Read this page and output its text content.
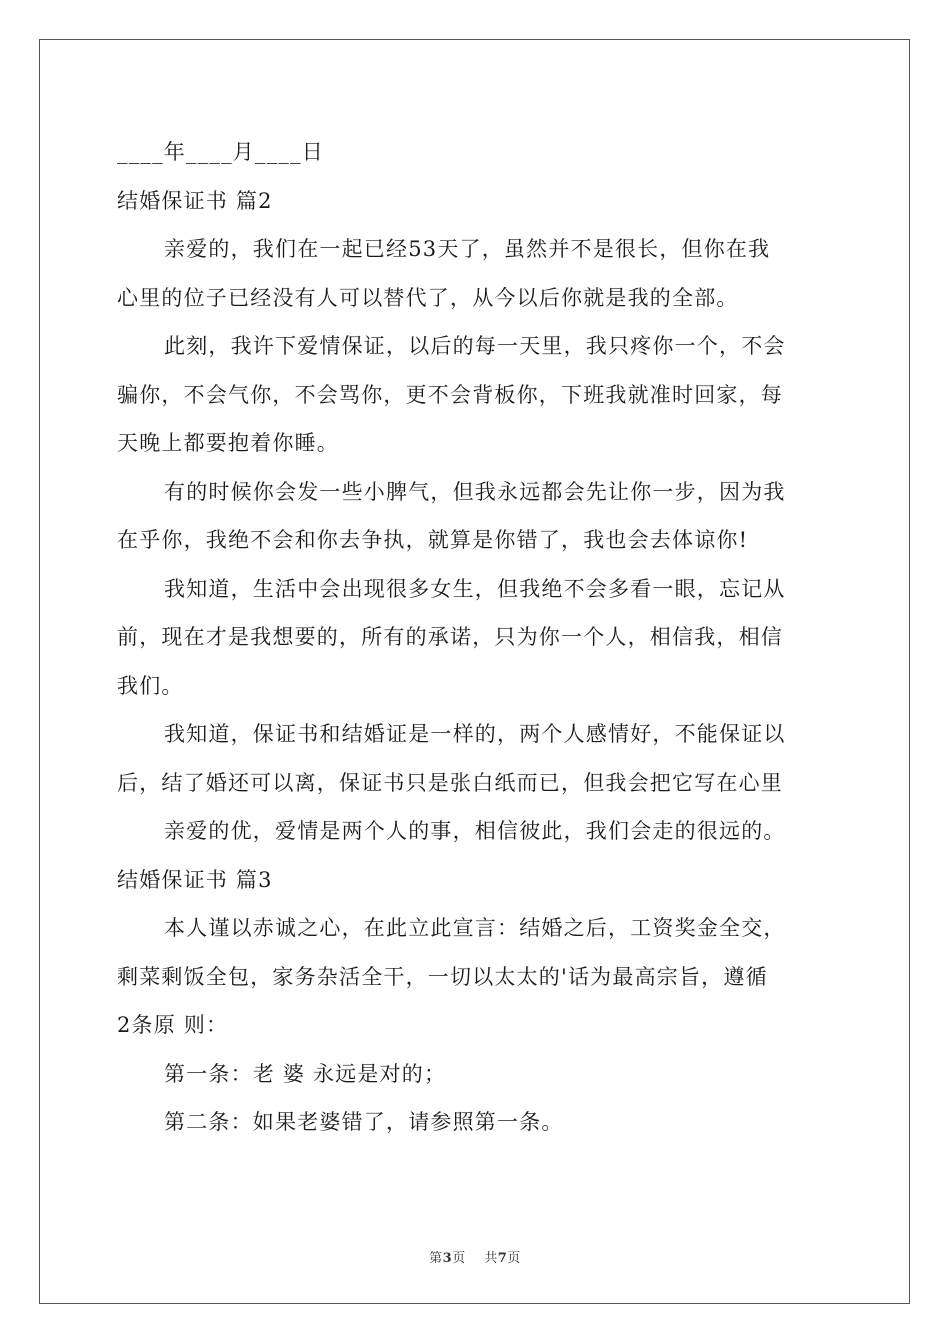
____年____月____日
结婚保证书 篇2
亲爱的，我们在一起已经53天了，虽然并不是很长，但你在我
心里的位子已经没有人可以替代了，从今以后你就是我的全部。
此刻，我许下爱情保证，以后的每一天里，我只疼你一个，不会
骗你，不会气你，不会骂你，更不会背板你，下班我就准时回家，每
天晚上都要抱着你睡。
有的时候你会发一些小脾气，但我永远都会先让你一步，因为我
在乎你，我绝不会和你去争执，就算是你错了，我也会去体谅你!
我知道，生活中会出现很多女生，但我绝不会多看一眼，忘记从
前，现在才是我想要的，所有的承诺，只为你一个人，相信我，相信
我们。
我知道，保证书和结婚证是一样的，两个人感情好，不能保证以
后，结了婚还可以离，保证书只是张白纸而已，但我会把它写在心里
亲爱的优，爱情是两个人的事，相信彼此，我们会走的很远的。
结婚保证书 篇3
本人谨以赤诚之心，在此立此宣言：结婚之后，工资奖金全交，
剩菜剩饭全包，家务杂活全干，一切以太太的'话为最高宗旨，遵循
2条原 则：
第一条：老 婆 永远是对的；
第二条：如果老婆错了，请参照第一条。
第3页 共7页
